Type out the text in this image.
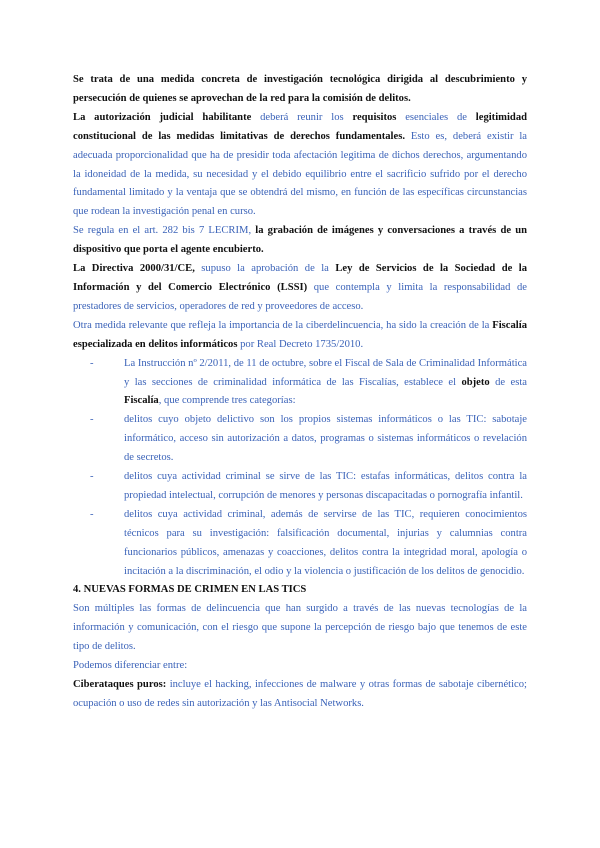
Se trata de una medida concreta de investigación tecnológica dirigida al descubrimiento y persecución de quienes se aprovechan de la red para la comisión de delitos.

La autorización judicial habilitante deberá reunir los requisitos esenciales de legitimidad constitucional de las medidas limitativas de derechos fundamentales. Esto es, deberá existir la adecuada proporcionalidad que ha de presidir toda afectación legitima de dichos derechos, argumentando la idoneidad de la medida, su necesidad y el debido equilibrio entre el sacrificio sufrido por el derecho fundamental limitado y la ventaja que se obtendrá del mismo, en función de las específicas circunstancias que rodean la investigación penal en curso.

Se regula en el art. 282 bis 7 LECRIM, la grabación de imágenes y conversaciones a través de un dispositivo que porta el agente encubierto.

La Directiva 2000/31/CE, supuso la aprobación de la Ley de Servicios de la Sociedad de la Información y del Comercio Electrónico (LSSI) que contempla y limita la responsabilidad de prestadores de servicios, operadores de red y proveedores de acceso.

Otra medida relevante que refleja la importancia de la ciberdelincuencia, ha sido la creación de la Fiscalía especializada en delitos informáticos por Real Decreto 1735/2010.

-	La Instrucción nº 2/2011, de 11 de octubre, sobre el Fiscal de Sala de Criminalidad Informática y las secciones de criminalidad informática de las Fiscalías, establece el objeto de esta Fiscalía, que comprende tres categorías:
-	delitos cuyo objeto delictivo son los propios sistemas informáticos o las TIC: sabotaje informático, acceso sin autorización a datos, programas o sistemas informáticos o revelación de secretos.
-	delitos cuya actividad criminal se sirve de las TIC: estafas informáticas, delitos contra la propiedad intelectual, corrupción de menores y personas discapacitadas o pornografía infantil.
-	delitos cuya actividad criminal, además de servirse de las TIC, requieren conocimientos técnicos para su investigación: falsificación documental, injurias y calumnias contra funcionarios públicos, amenazas y coacciones, delitos contra la integridad moral, apología o incitación a la discriminación, el odio y la violencia o justificación de los delitos de genocidio.
4. NUEVAS FORMAS DE CRIMEN EN LAS TICS

Son múltiples las formas de delincuencia que han surgido a través de las nuevas tecnologías de la información y comunicación, con el riesgo que supone la percepción de riesgo bajo que tenemos de este tipo de delitos.

Podemos diferenciar entre:

Ciberataques puros: incluye el hacking, infecciones de malware y otras formas de sabotaje cibernético; ocupación o uso de redes sin autorización y las Antisocial Networks.
